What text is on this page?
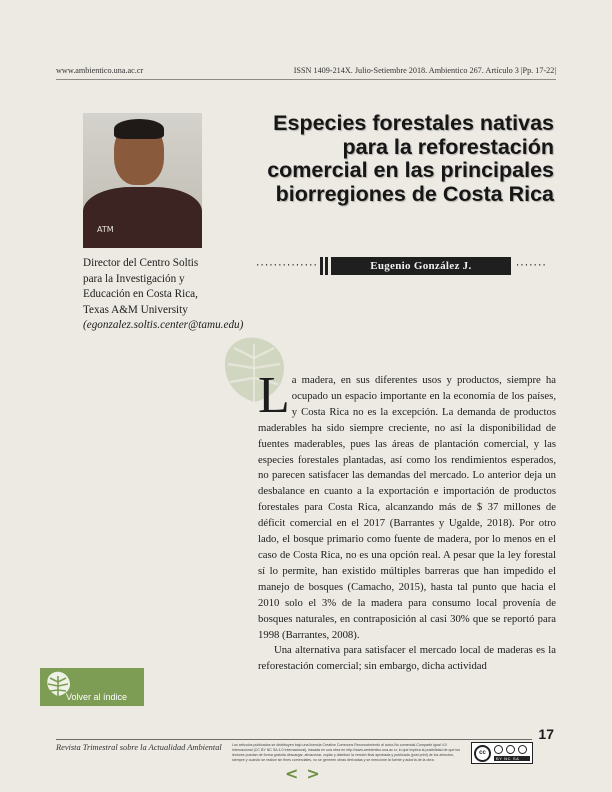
www.ambientico.una.ac.cr	ISSN 1409-214X. Julio-Setiembre 2018. Ambientico 267. Artículo 3 |Pp. 17-22|
ATM
Director del Centro Soltis para la Investigación y Educación en Costa Rica, Texas A&M University (egonzalez.soltis.center@tamu.edu)
Especies forestales nativas para la reforestación comercial en las principales biorregiones de Costa Rica
··············	Eugenio González J.	·······

La madera, en sus diferentes usos y productos, siempre ha ocupado un espacio importante en la economía de los países, y Costa Rica no es la excepción. La demanda de productos maderables ha sido siempre creciente, no así la disponibilidad de fuentes maderables, pues las áreas de plantación comercial, y las especies forestales plantadas, así como los rendimientos esperados, no parecen satisfacer las demandas del mercado. Lo anterior deja un desbalance en cuanto a la exportación e importación de productos forestales para Costa Rica, alcanzando más de $ 37 millones de déficit comercial en el 2017 (Barrantes y Ugalde, 2018). Por otro lado, el bosque primario como fuente de madera, por lo menos en el caso de Costa Rica, no es una opción real. A pesar que la ley forestal sí lo permite, han existido múltiples barreras que han impedido el manejo de bosques (Camacho, 2015), hasta tal punto que hacia el 2010 solo el 3% de la madera para consumo local provenía de bosques naturales, en contraposición al casi 30% que se reportó para 1998 (Barrantes, 2008).

Una alternativa para satisfacer el mercado local de maderas es la reforestación comercial; sin embargo, dicha actividad

Volver al índice
17
Revista Trimestral sobre la Actualidad Ambiental	Los artículos publicados se distribuyen bajo una licencia Creative Commons Reconocimiento al autor-No comercial-Compartir igual 4.0 Internacional (CC BY NC SA 4.0 Internacional), basada en una obra en http://www.ambientico.una.ac.cr, lo que implica la posibilidad de que los lectores puedan de forma gratuita descargar, almacenar, copiar y distribuir la versión final aprobada y publicada (post print) de los artículos, siempre y cuando se realice sin fines comerciales, no se generen obras derivadas y se mencione la fuente y autoría de la obra.
cc
BY NC SA
< >
